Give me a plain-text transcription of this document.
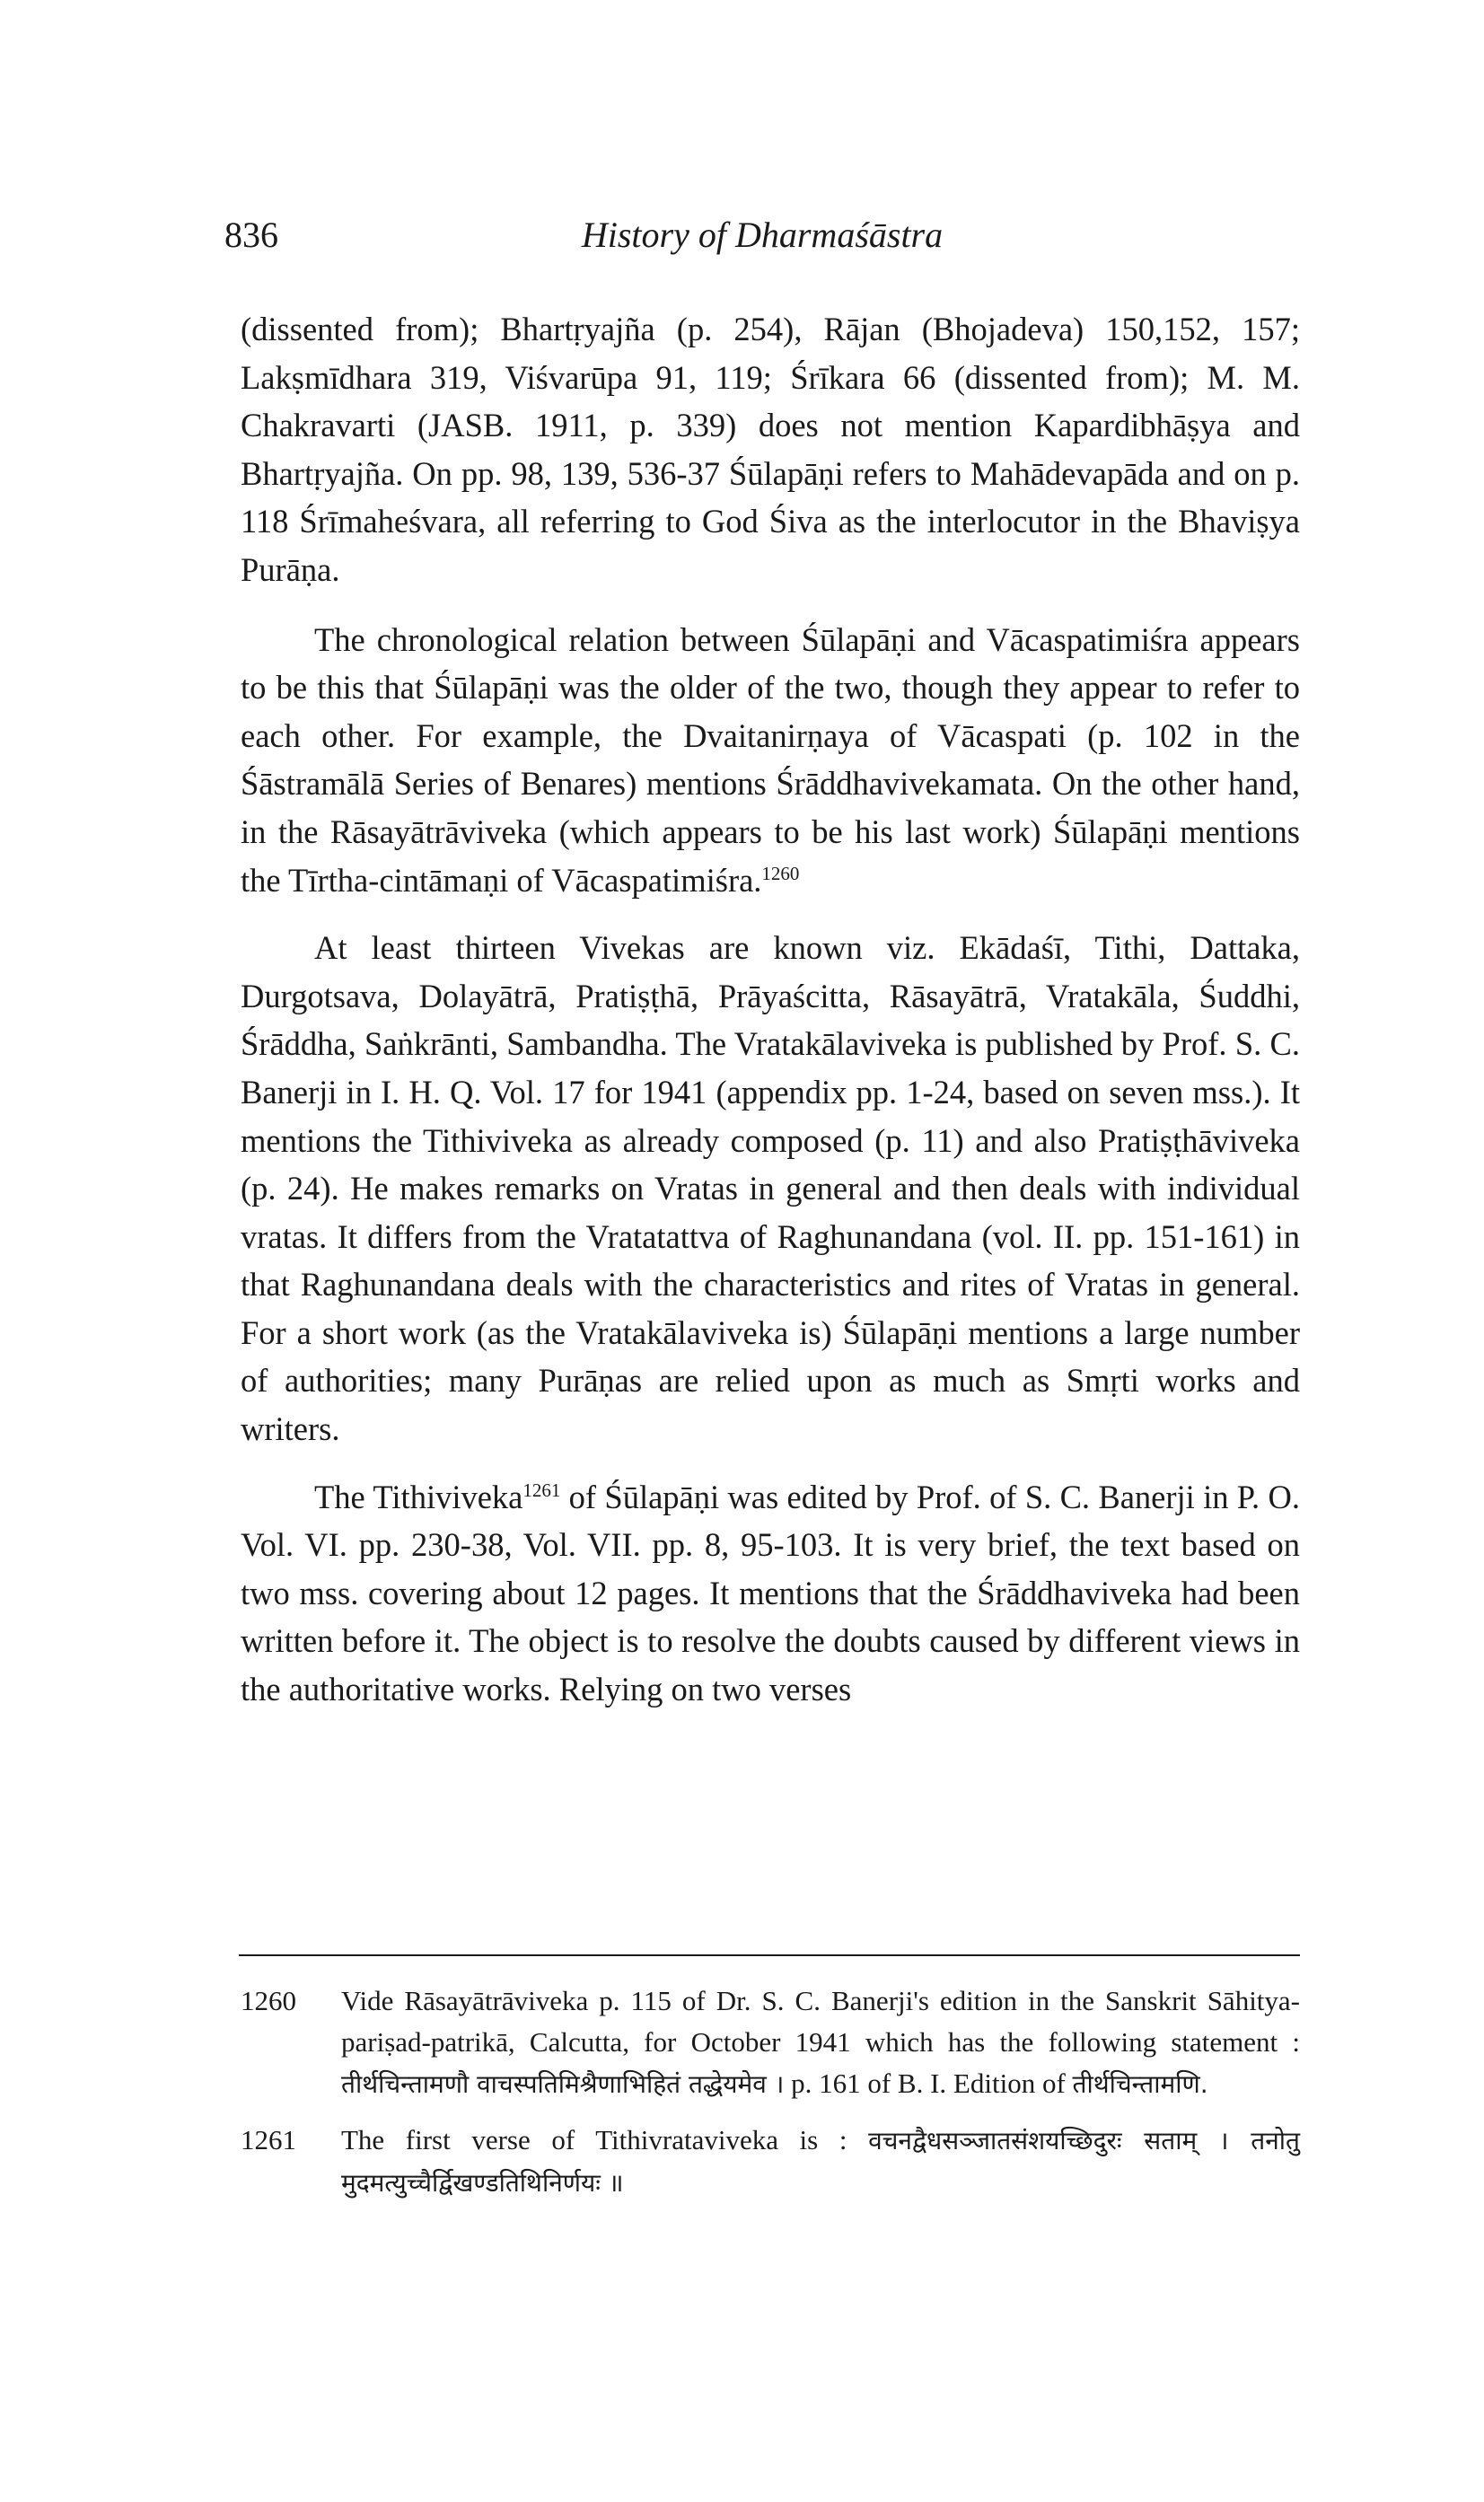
836	History of Dharmaśāstra

(dissented from); Bhartṛyajña (p. 254), Rājan (Bhojadeva) 150,152, 157; Lakṣmīdhara 319, Viśvarūpa 91, 119; Śrīkara 66 (dissented from); M. M. Chakravarti (JASB. 1911, p. 339) does not mention Kapardibhāṣya and Bhartṛyajña. On pp. 98, 139, 536-37 Śūlapāṇi refers to Mahādevapāda and on p. 118 Śrīmaheśvara, all referring to God Śiva as the interlocutor in the Bhaviṣya Purāṇa.

The chronological relation between Śūlapāṇi and Vācaspatimiśra appears to be this that Śūlapāṇi was the older of the two, though they appear to refer to each other. For example, the Dvaitanirṇaya of Vācaspati (p. 102 in the Śāstramālā Series of Benares) mentions Śrāddhavivekamata. On the other hand, in the Rāsayātrāviveka (which appears to be his last work) Śūlapāṇi mentions the Tīrtha-cintāmaṇi of Vācaspatimiśra.$^{1260}$

At least thirteen Vivekas are known viz. Ekādaśī, Tithi, Dattaka, Durgotsava, Dolayātrā, Pratiṣṭhā, Prāyaścitta, Rāsayātrā, Vratakāla, Śuddhi, Śrāddha, Saṅkrānti, Sambandha. The Vratakālaviveka is published by Prof. S. C. Banerji in I. H. Q. Vol. 17 for 1941 (appendix pp. 1-24, based on seven mss.). It mentions the Tithiviveka as already composed (p. 11) and also Pratiṣṭhāviveka (p. 24). He makes remarks on Vratas in general and then deals with individual vratas. It differs from the Vratatattva of Raghunandana (vol. II. pp. 151-161) in that Raghunandana deals with the characteristics and rites of Vratas in general. For a short work (as the Vratakālaviveka is) Śūlapāṇi mentions a large number of authorities; many Purāṇas are relied upon as much as Smṛti works and writers.

The Tithiviveka$^{1261}$ of Śūlapāṇi was edited by Prof. of S. C. Banerji in P. O. Vol. VI. pp. 230-38, Vol. VII. pp. 8, 95-103. It is very brief, the text based on two mss. covering about 12 pages. It mentions that the Śrāddhaviveka had been written before it. The object is to resolve the doubts caused by different views in the authoritative works. Relying on two verses

1260 Vide Rāsayātrāviveka p. 115 of Dr. S. C. Banerji's edition in the Sanskrit Sāhitya-pariṣad-patrikā, Calcutta, for October 1941 which has the following statement : तीर्थचिन्तामणौ वाचस्पतिमिश्रैणाभिहितं तद्धेयमेव । p. 161 of B. I. Edition of तीर्थचिन्तामणि.
1261 The first verse of Tithivrataviveka is : वचनद्वैधसञ्जातसंशयच्छिदुरः सताम् । तनोतु मुदमत्युच्चैर्द्विखण्डतिथिनिर्णयः ॥
